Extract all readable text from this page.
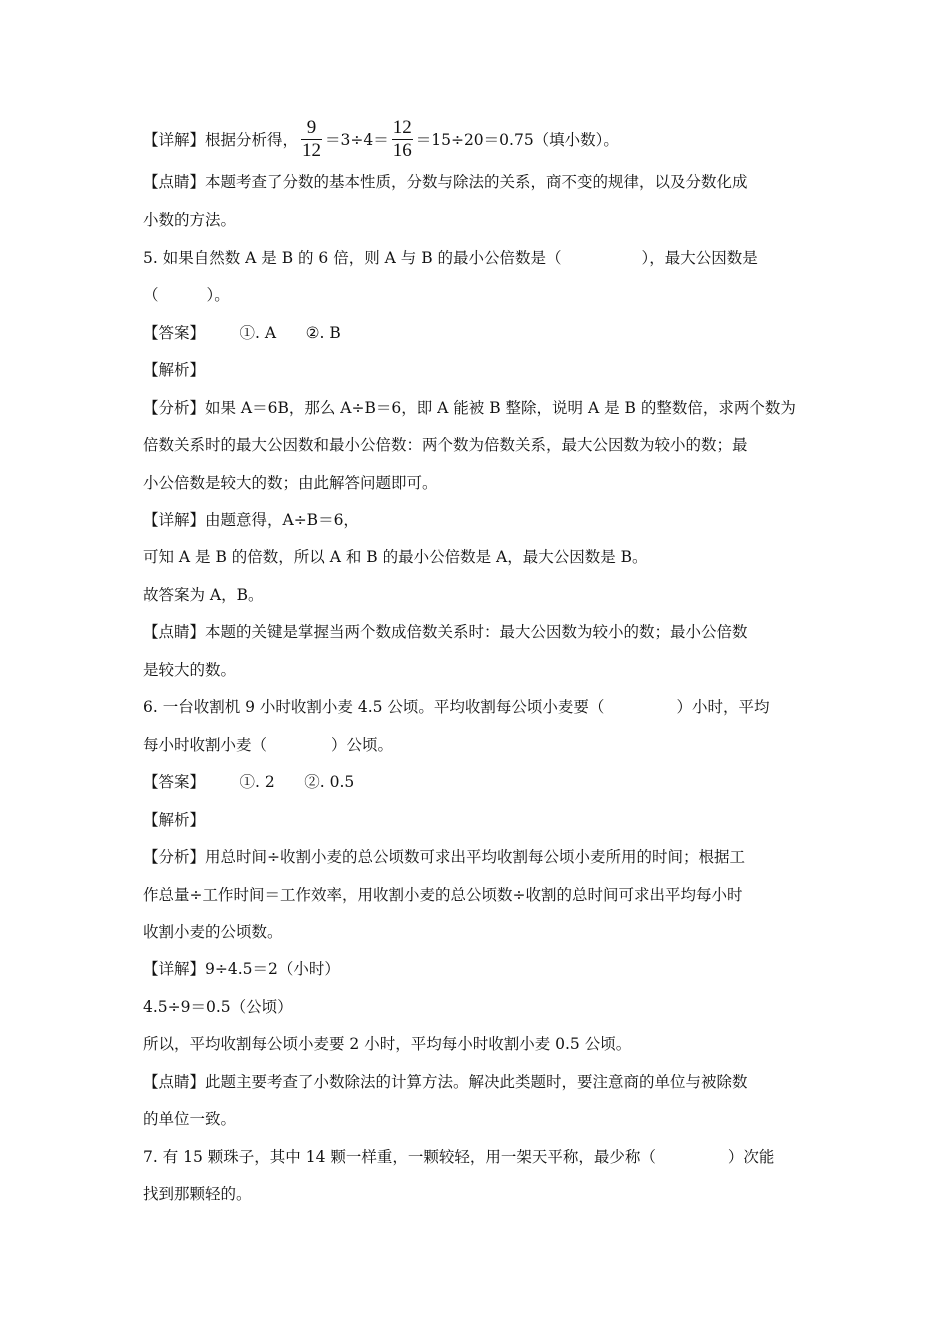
【详解】根据分析得， $\frac{9}{12} =3\div 4= \frac{12}{16} =15\div 20=0.75$（填小数）。
【点睛】本题考查了分数的基本性质，分数与除法的关系，商不变的规律，以及分数化成
小数的方法。
5. 如果自然数 A 是 B 的 6 倍，则 A 与 B 的最小公倍数是（	），最大公因数是
（	）。
【答案】       ①. A      ②. B
【解析】
【分析】如果 A＝6B，那么 A÷B＝6，即 A 能被 B 整除，说明 A 是 B 的整数倍，求两个数为
倍数关系时的最大公因数和最小公倍数：两个数为倍数关系，最大公因数为较小的数；最
小公倍数是较大的数；由此解答问题即可。
【详解】由题意得，A÷B＝6，
可知 A 是 B 的倍数，所以 A 和 B 的最小公倍数是 A，最大公因数是 B。
故答案为 A，B。
【点睛】本题的关键是掌握当两个数成倍数关系时：最大公因数为较小的数；最小公倍数
是较大的数。
6. 一台收割机 9 小时收割小麦 4.5 公顷。平均收割每公顷小麦要（	）小时，平均
每小时收割小麦（	）公顷。
【答案】       ①. 2      ②. 0.5
【解析】
【分析】用总时间÷收割小麦的总公顷数可求出平均收割每公顷小麦所用的时间；根据工
作总量÷工作时间＝工作效率，用收割小麦的总公顷数÷收割的总时间可求出平均每小时
收割小麦的公顷数。
【详解】9÷4.5＝2（小时）
4.5÷9＝0.5（公顷）
所以，平均收割每公顷小麦要 2 小时，平均每小时收割小麦 0.5 公顷。
【点睛】此题主要考查了小数除法的计算方法。解决此类题时，要注意商的单位与被除数
的单位一致。
7. 有 15 颗珠子，其中 14 颗一样重，一颗较轻，用一架天平称，最少称（	）次能
找到那颗轻的。
